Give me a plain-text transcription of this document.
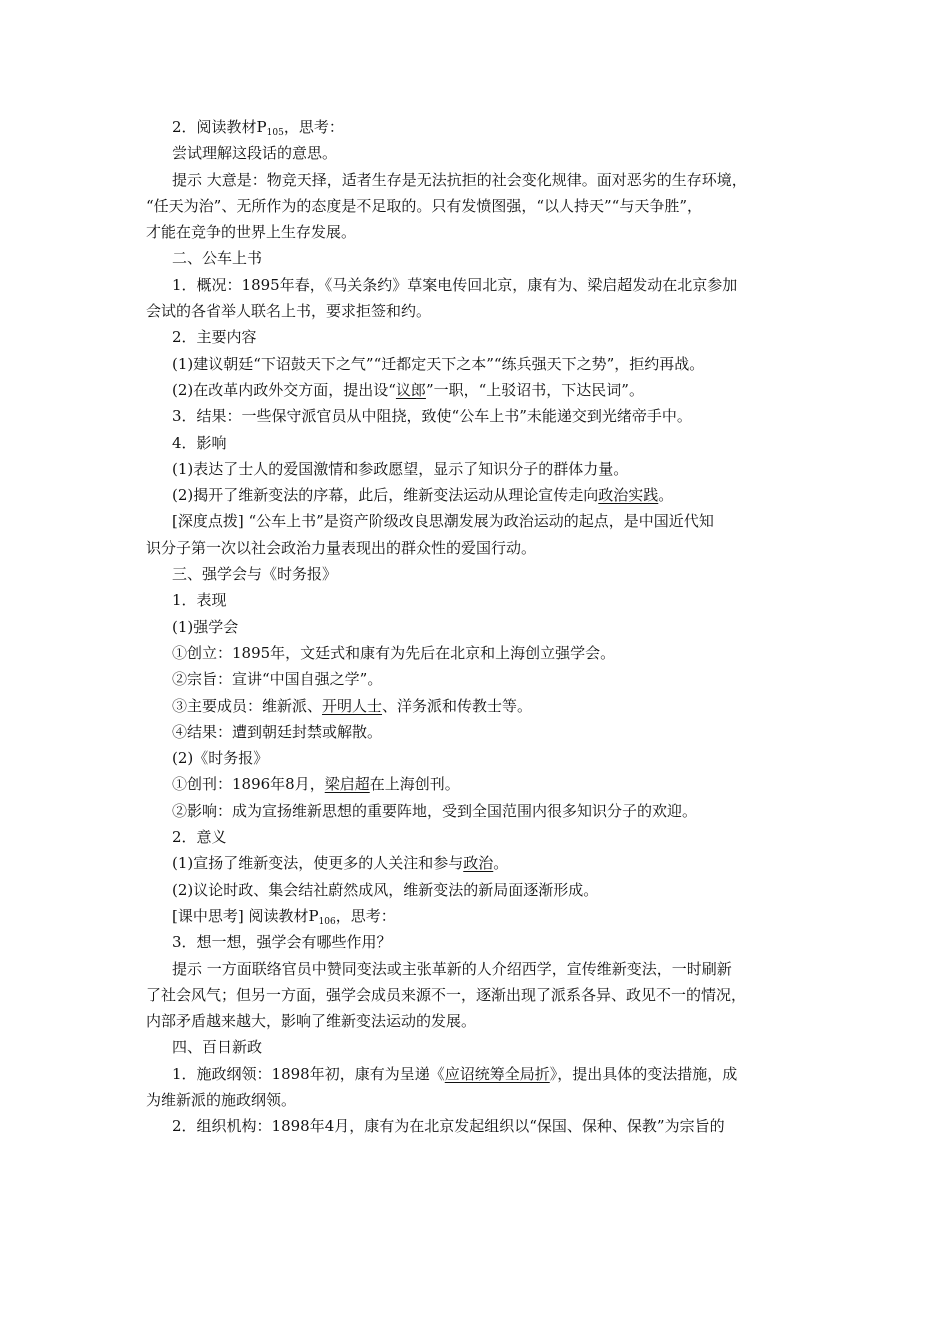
2．阅读教材$P_{105}$，思考：
尝试理解这段话的意思。
提示 大意是：物竞天择，适者生存是无法抗拒的社会变化规律。面对恶劣的生存环境，
“任天为治”、无所作为的态度是不足取的。只有发愤图强，“以人持天”“与天争胜”，
才能在竞争的世界上生存发展。
二、公车上书
1．概况：1895年春，《马关条约》草案电传回北京，康有为、梁启超发动在北京参加
会试的各省举人联名上书，要求拒签和约。
2．主要内容
(1)建议朝廷“下诏鼓天下之气”“迁都定天下之本”“练兵强天下之势”，拒约再战。
(2)在改革内政外交方面，提出设“议郎”一职，“上驳诏书，下达民词”。
3．结果：一些保守派官员从中阻挠，致使“公车上书”未能递交到光绪帝手中。
4．影响
(1)表达了士人的爱国激情和参政愿望，显示了知识分子的群体力量。
(2)揭开了维新变法的序幕，此后，维新变法运动从理论宣传走向政治实践。
[深度点拨] “公车上书”是资产阶级改良思潮发展为政治运动的起点，是中国近代知
识分子第一次以社会政治力量表现出的群众性的爱国行动。
三、强学会与《时务报》
1．表现
(1)强学会
①创立：1895年，文廷式和康有为先后在北京和上海创立强学会。
②宗旨：宣讲“中国自强之学”。
③主要成员：维新派、开明人士、洋务派和传教士等。
④结果：遭到朝廷封禁或解散。
(2)《时务报》
①创刊：1896年8月，梁启超在上海创刊。
②影响：成为宣扬维新思想的重要阵地，受到全国范围内很多知识分子的欢迎。
2．意义
(1)宣扬了维新变法，使更多的人关注和参与政治。
(2)议论时政、集会结社蔚然成风，维新变法的新局面逐渐形成。
[课中思考] 阅读教材$P_{106}$，思考：
3．想一想，强学会有哪些作用？
提示 一方面联络官员中赞同变法或主张革新的人介绍西学，宣传维新变法，一时刷新
了社会风气；但另一方面，强学会成员来源不一，逐渐出现了派系各异、政见不一的情况，
内部矛盾越来越大，影响了维新变法运动的发展。
四、百日新政
1．施政纲领：1898年初，康有为呈递《应诏统筹全局折》，提出具体的变法措施，成
为维新派的施政纲领。
2．组织机构：1898年4月，康有为在北京发起组织以“保国、保种、保教”为宗旨的
